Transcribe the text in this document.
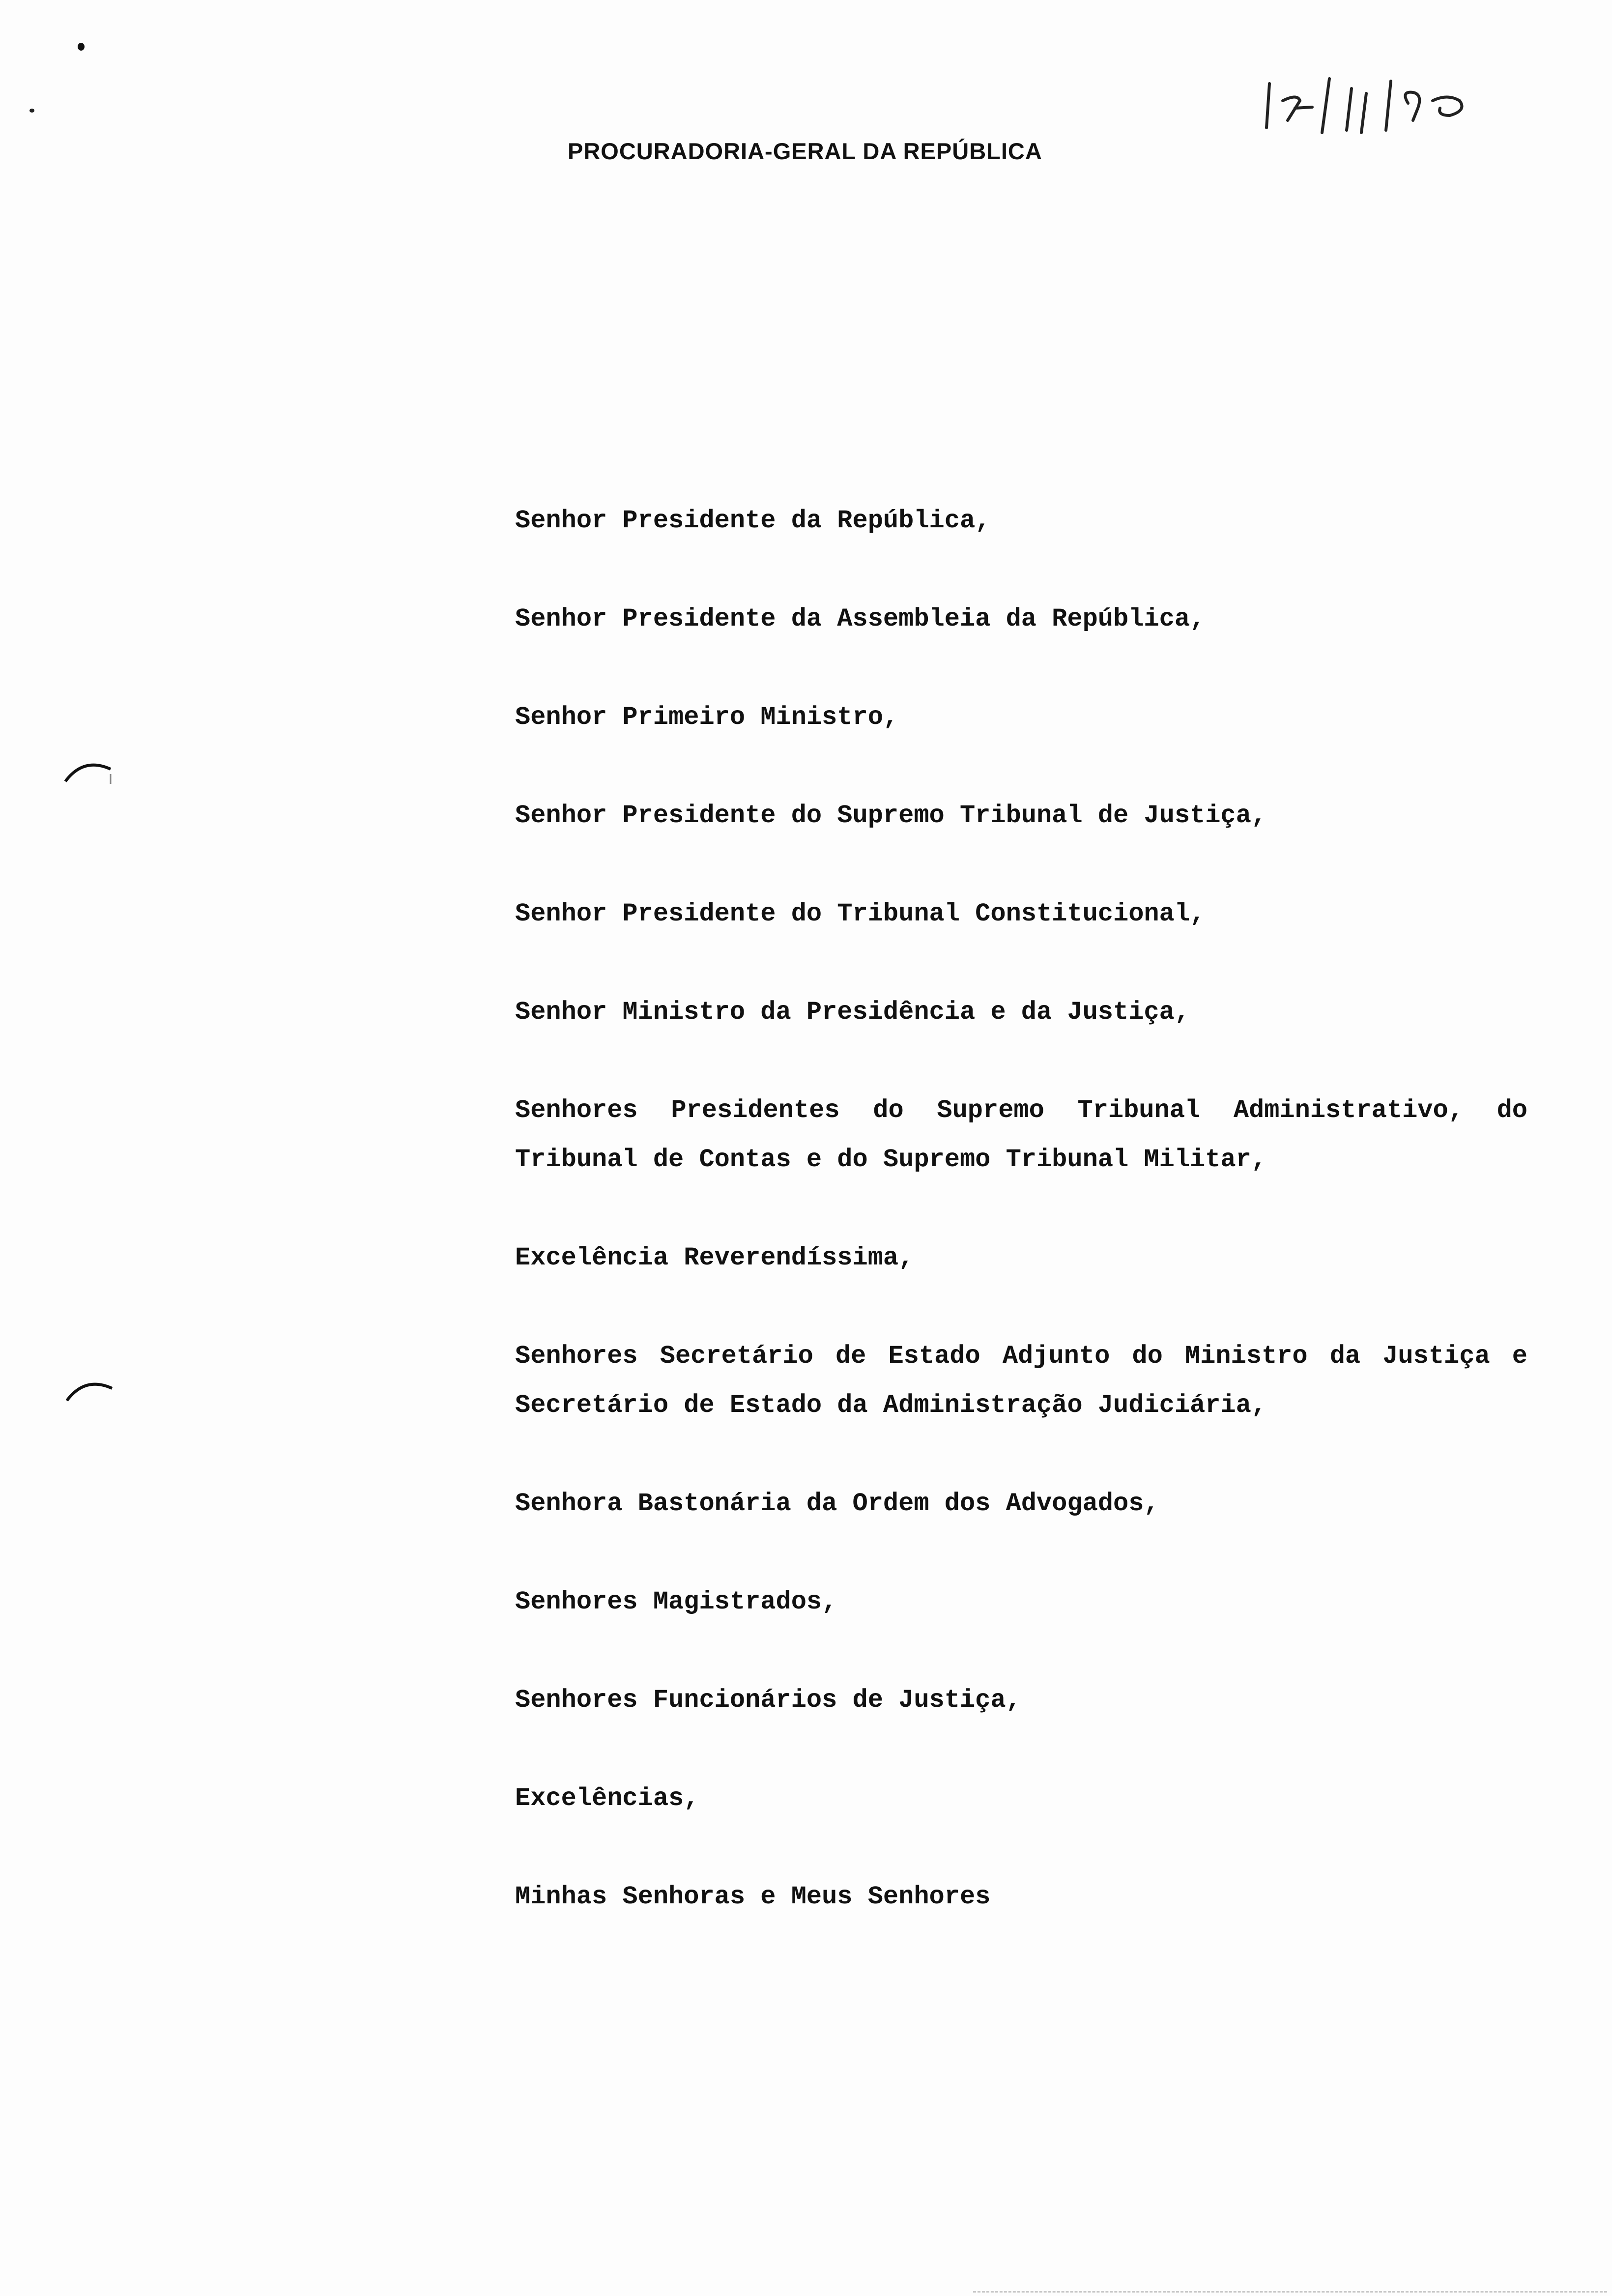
PROCURADORIA-GERAL DA REPÚBLICA

Senhor Presidente da República,

Senhor Presidente da Assembleia da República,

Senhor Primeiro Ministro,

Senhor Presidente do Supremo Tribunal de Justiça,

Senhor Presidente do Tribunal Constitucional,

Senhor Ministro da Presidência e da Justiça,

Senhores Presidentes do Supremo Tribunal Administrativo, do Tribunal de Contas e do Supremo Tribunal Militar,

Excelência Reverendíssima,

Senhores Secretário de Estado Adjunto do Ministro da Justiça e Secretário de Estado da Administração Judiciária,

Senhora Bastonária da Ordem dos Advogados,

Senhores Magistrados,

Senhores Funcionários de Justiça,

Excelências,

Minhas Senhoras e Meus Senhores
